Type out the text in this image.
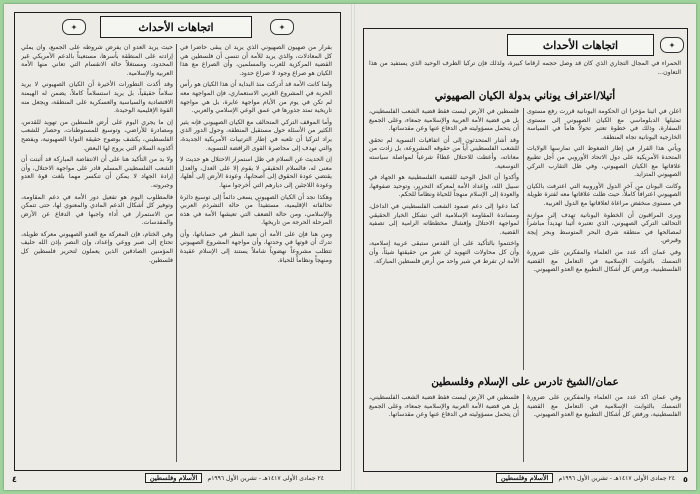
اتجاهات الأحداث
✦	✦

بقرار من صهيون الصهيوني الذي يريد أن يبقى حاضراً في كل المعادلات، والذي يريد للأمة أن تنسى أن فلسطين هي القضية المركزية للعرب والمسلمين، وأن الصراع مع هذا الكيان هو صراع وجود لا صراع حدود.

ولما كانت الأمة قد أدركت منذ البداية أن هذا الكيان هو رأس الحربة في المشروع الغربي الاستعماري، فإن المواجهة معه لم تكن في يوم من الأيام مواجهة عابرة، بل هي مواجهة تاريخية تمتد جذورها في عمق الوعي الإسلامي والعربي.

وأما الموقف التركي المتحالف مع الكيان الصهيوني فإنه يثير الكثير من الأسئلة حول مستقبل المنطقة، وحول الدور الذي يراد لتركيا أن تلعبه في إطار الترتيبات الأمريكية الجديدة، والتي تهدف إلى محاصرة القوى الرافضة للتسوية.

إن الحديث عن السلام في ظل استمرار الاحتلال هو حديث لا معنى له، فالسلام الحقيقي لا يقوم إلا على العدل، والعدل يقتضي عودة الحقوق إلى أصحابها، وعودة الأرض إلى أهلها، وعودة اللاجئين إلى ديارهم التي أخرجوا منها.

وهكذا نجد أن الكيان الصهيوني يسعى دائماً إلى توسيع دائرة تحالفاته الإقليمية، مستفيداً من حالة التشرذم العربي والإسلامي، ومن حالة الضعف التي تعيشها الأمة في هذه المرحلة الحرجة من تاريخها.

ومن هنا فإن على الأمة أن تعيد النظر في حساباتها، وأن تدرك أن قوتها في وحدتها، وأن مواجهة المشروع الصهيوني تتطلب مشروعاً نهضوياً شاملاً يستند إلى الإسلام عقيدة ومنهجاً ونظاماً للحياة.

حيث يريد العدو أن يفرض شروطه على الجميع، وأن يملي إرادته على المنطقة بأسرها، مستعيناً بالدعم الأمريكي غير المحدود، ومستغلاً حالة الانقسام التي تعاني منها الأمة العربية والإسلامية.

وقد أكدت التطورات الأخيرة أن الكيان الصهيوني لا يريد سلاماً حقيقياً، بل يريد استسلاماً كاملاً، يضمن له الهيمنة الاقتصادية والسياسية والعسكرية على المنطقة، ويجعل منه القوة الإقليمية الوحيدة.

إن ما يجري اليوم على أرض فلسطين من تهويد للقدس، ومصادرة للأراضي، وتوسيع للمستوطنات، وحصار للشعب الفلسطيني، يكشف بوضوح حقيقة النوايا الصهيونية، ويفضح أكذوبة السلام التي يروج لها البعض.

ولا بد من التأكيد هنا على أن الانتفاضة المباركة قد أثبتت أن الشعب الفلسطيني المسلم قادر على مواجهة الاحتلال، وأن إرادة الجهاد لا يمكن أن تنكسر مهما بلغت قوة العدو وجبروته.

فالمطلوب اليوم هو تفعيل دور الأمة في دعم المقاومة، وتوفير كل أشكال الدعم المادي والمعنوي لها، حتى تتمكن من الاستمرار في أداء واجبها في الدفاع عن الأرض والمقدسات.

وفي الختام، فإن المعركة مع العدو الصهيوني معركة طويلة، تحتاج إلى صبر ووعي وإعداد، وإن النصر بإذن الله حليف المؤمنين الصادقين الذين يعملون لتحرير فلسطين كل فلسطين.

٢٤ جمادى الأولى ١٤١٧هـ - تشرين الأول ١٩٩٦م
الأسلام وفلسطين
٤
اتجاهات الأحداث	✦
الحمراء في المجال التجاري الذي كان قد وصل حجمه أرقاماً كبيرة، ولذلك فإن تركيا الطرف الوحيد الذي يستفيد من هذا التعاون...
أتيلا/اعتراف يوناني بدولة الكيان الصهيوني

أعلن في أثينا مؤخراً أن الحكومة اليونانية قررت رفع مستوى تمثيلها الدبلوماسي مع الكيان الصهيوني إلى مستوى السفارة، وذلك في خطوة تعتبر تحولاً هاماً في السياسة الخارجية اليونانية تجاه المنطقة.

ويأتي هذا القرار في إطار الضغوط التي تمارسها الولايات المتحدة الأمريكية على دول الاتحاد الأوروبي من أجل تطبيع علاقاتها مع الكيان الصهيوني، وفي ظل التقارب التركي الصهيوني المتزايد.

وكانت اليونان من آخر الدول الأوروبية التي اعترفت بالكيان الصهيوني اعترافاً كاملاً، حيث ظلت علاقاتها معه لفترة طويلة في مستوى منخفض مراعاة لعلاقاتها مع الدول العربية.

ويرى المراقبون أن الخطوة اليونانية تهدف إلى موازنة التحالف التركي الصهيوني، الذي تعتبره أثينا تهديداً مباشراً لمصالحها في منطقة شرق البحر المتوسط وبحر إيجة وقبرص.

وفي عمان أكد عدد من العلماء والمفكرين على ضرورة التمسك بالثوابت الإسلامية في التعامل مع القضية الفلسطينية، ورفض كل أشكال التطبيع مع العدو الصهيوني.

فلسطين في الأرض ليست فقط قضية الشعب الفلسطيني، بل هي قضية الأمة العربية والإسلامية جمعاء، وعلى الجميع أن يتحمل مسؤوليته في الدفاع عنها وعن مقدساتها.

وقد أشار المتحدثون إلى أن اتفاقيات التسوية لم تحقق للشعب الفلسطيني أياً من حقوقه المشروعة، بل زادت من معاناته، وأعطت للاحتلال غطاءً شرعياً لمواصلة سياسته التوسعية.

وأكدوا أن الحل الوحيد للقضية الفلسطينية هو الجهاد في سبيل الله، وإعداد الأمة لمعركة التحرير، وتوحيد صفوفها، والعودة إلى الإسلام منهجاً للحياة ونظاماً للحكم.

كما دعوا إلى دعم صمود الشعب الفلسطيني في الداخل، ومساندة المقاومة الإسلامية التي تشكل الخيار الحقيقي لمواجهة الاحتلال وإفشال مخططاته الرامية إلى تصفية القضية.

واختتموا بالتأكيد على أن القدس ستبقى عربية إسلامية، وأن كل محاولات التهويد لن تغير من حقيقتها شيئاً، وأن الأمة لن تفرط في شبر واحد من أرض فلسطين المباركة.

عمان/الشيخ تادرس على الإسلام وفلسطين

وفي عمان أكد عدد من العلماء والمفكرين على ضرورة التمسك بالثوابت الإسلامية في التعامل مع القضية الفلسطينية، ورفض كل أشكال التطبيع مع العدو الصهيوني.

فلسطين في الأرض ليست فقط قضية الشعب الفلسطيني، بل هي قضية الأمة العربية والإسلامية جمعاء، وعلى الجميع أن يتحمل مسؤوليته في الدفاع عنها وعن مقدساتها.

٢٤ جمادى الأولى ١٤١٧هـ - تشرين الأول ١٩٩٦م
الأسلام وفلسطين	٥
